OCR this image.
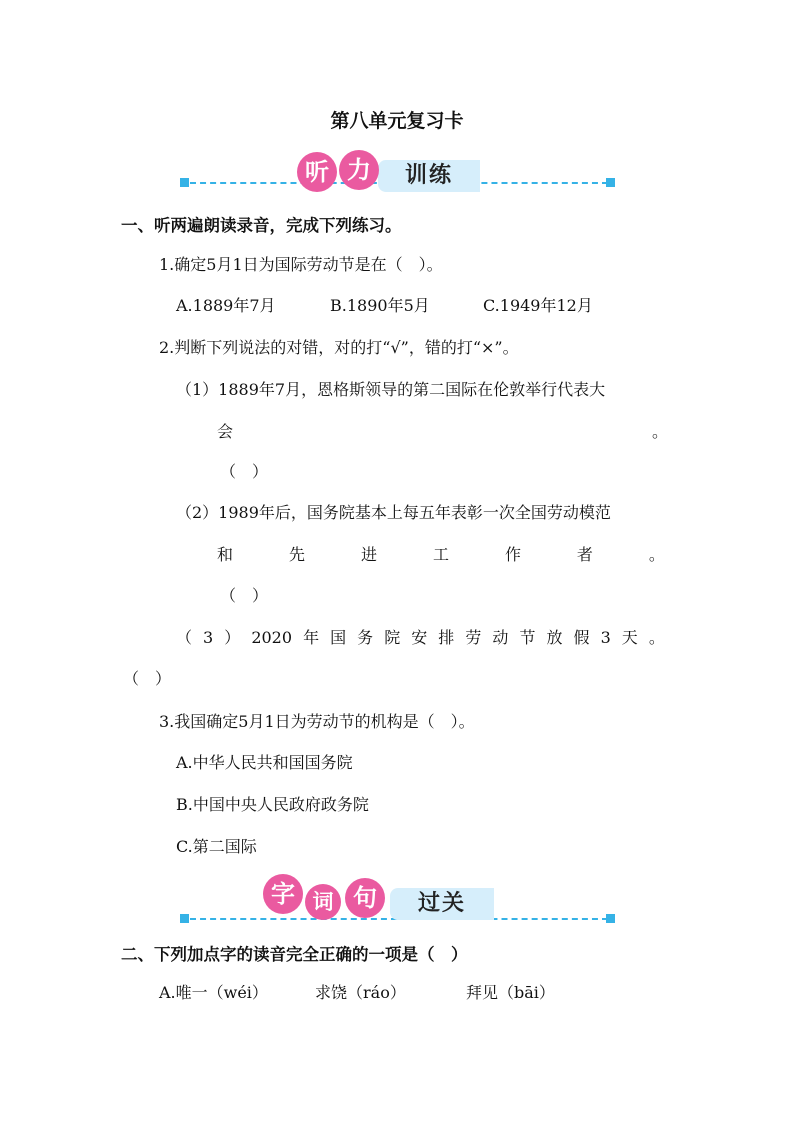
第八单元复习卡
训练
听 力
一、听两遍朗读录音，完成下列练习。
1.确定5月1日为国际劳动节是在（　）。
A.1889年7月	B.1890年5月	C.1949年12月
2.判断下列说法的对错，对的打“√”，错的打“×”。
（1）1889年7月，恩格斯领导的第二国际在伦敦举行代表大
会	。
（　）
（2）1989年后，国务院基本上每五年表彰一次全国劳动模范
和	先	进	工	作	者	。
（　）
（ 3 ） 2020 年 国 务 院 安 排 劳 动 节 放 假 3 天 。
（　）
3.我国确定5月1日为劳动节的机构是（　）。
A.中华人民共和国国务院
B.中国中央人民政府政务院
C.第二国际
过关
字 词 句
二、下列加点字的读音完全正确的一项是（　）
A.唯一（wéi）	求饶（ráo）	拜见（bāi）
